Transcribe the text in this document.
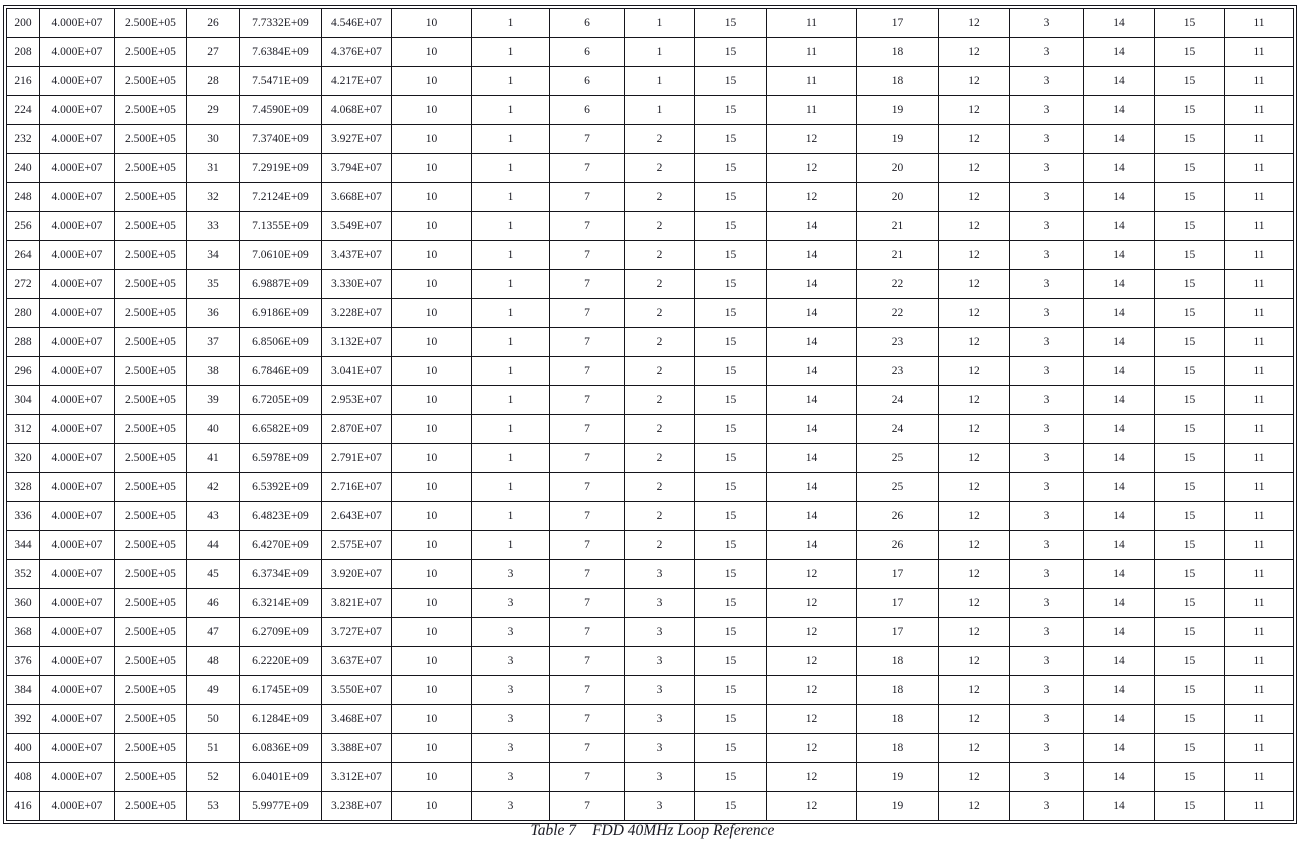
200	4.000E+07	2.500E+05	26	7.7332E+09	4.546E+07	10	1	6	1	15	11	17	12	3	14	15	11
208	4.000E+07	2.500E+05	27	7.6384E+09	4.376E+07	10	1	6	1	15	11	18	12	3	14	15	11
216	4.000E+07	2.500E+05	28	7.5471E+09	4.217E+07	10	1	6	1	15	11	18	12	3	14	15	11
224	4.000E+07	2.500E+05	29	7.4590E+09	4.068E+07	10	1	6	1	15	11	19	12	3	14	15	11
232	4.000E+07	2.500E+05	30	7.3740E+09	3.927E+07	10	1	7	2	15	12	19	12	3	14	15	11
240	4.000E+07	2.500E+05	31	7.2919E+09	3.794E+07	10	1	7	2	15	12	20	12	3	14	15	11
248	4.000E+07	2.500E+05	32	7.2124E+09	3.668E+07	10	1	7	2	15	12	20	12	3	14	15	11
256	4.000E+07	2.500E+05	33	7.1355E+09	3.549E+07	10	1	7	2	15	14	21	12	3	14	15	11
264	4.000E+07	2.500E+05	34	7.0610E+09	3.437E+07	10	1	7	2	15	14	21	12	3	14	15	11
272	4.000E+07	2.500E+05	35	6.9887E+09	3.330E+07	10	1	7	2	15	14	22	12	3	14	15	11
280	4.000E+07	2.500E+05	36	6.9186E+09	3.228E+07	10	1	7	2	15	14	22	12	3	14	15	11
288	4.000E+07	2.500E+05	37	6.8506E+09	3.132E+07	10	1	7	2	15	14	23	12	3	14	15	11
296	4.000E+07	2.500E+05	38	6.7846E+09	3.041E+07	10	1	7	2	15	14	23	12	3	14	15	11
304	4.000E+07	2.500E+05	39	6.7205E+09	2.953E+07	10	1	7	2	15	14	24	12	3	14	15	11
312	4.000E+07	2.500E+05	40	6.6582E+09	2.870E+07	10	1	7	2	15	14	24	12	3	14	15	11
320	4.000E+07	2.500E+05	41	6.5978E+09	2.791E+07	10	1	7	2	15	14	25	12	3	14	15	11
328	4.000E+07	2.500E+05	42	6.5392E+09	2.716E+07	10	1	7	2	15	14	25	12	3	14	15	11
336	4.000E+07	2.500E+05	43	6.4823E+09	2.643E+07	10	1	7	2	15	14	26	12	3	14	15	11
344	4.000E+07	2.500E+05	44	6.4270E+09	2.575E+07	10	1	7	2	15	14	26	12	3	14	15	11
352	4.000E+07	2.500E+05	45	6.3734E+09	3.920E+07	10	3	7	3	15	12	17	12	3	14	15	11
360	4.000E+07	2.500E+05	46	6.3214E+09	3.821E+07	10	3	7	3	15	12	17	12	3	14	15	11
368	4.000E+07	2.500E+05	47	6.2709E+09	3.727E+07	10	3	7	3	15	12	17	12	3	14	15	11
376	4.000E+07	2.500E+05	48	6.2220E+09	3.637E+07	10	3	7	3	15	12	18	12	3	14	15	11
384	4.000E+07	2.500E+05	49	6.1745E+09	3.550E+07	10	3	7	3	15	12	18	12	3	14	15	11
392	4.000E+07	2.500E+05	50	6.1284E+09	3.468E+07	10	3	7	3	15	12	18	12	3	14	15	11
400	4.000E+07	2.500E+05	51	6.0836E+09	3.388E+07	10	3	7	3	15	12	18	12	3	14	15	11
408	4.000E+07	2.500E+05	52	6.0401E+09	3.312E+07	10	3	7	3	15	12	19	12	3	14	15	11
416	4.000E+07	2.500E+05	53	5.9977E+09	3.238E+07	10	3	7	3	15	12	19	12	3	14	15	11
Table 7 FDD 40MHz Loop Reference
